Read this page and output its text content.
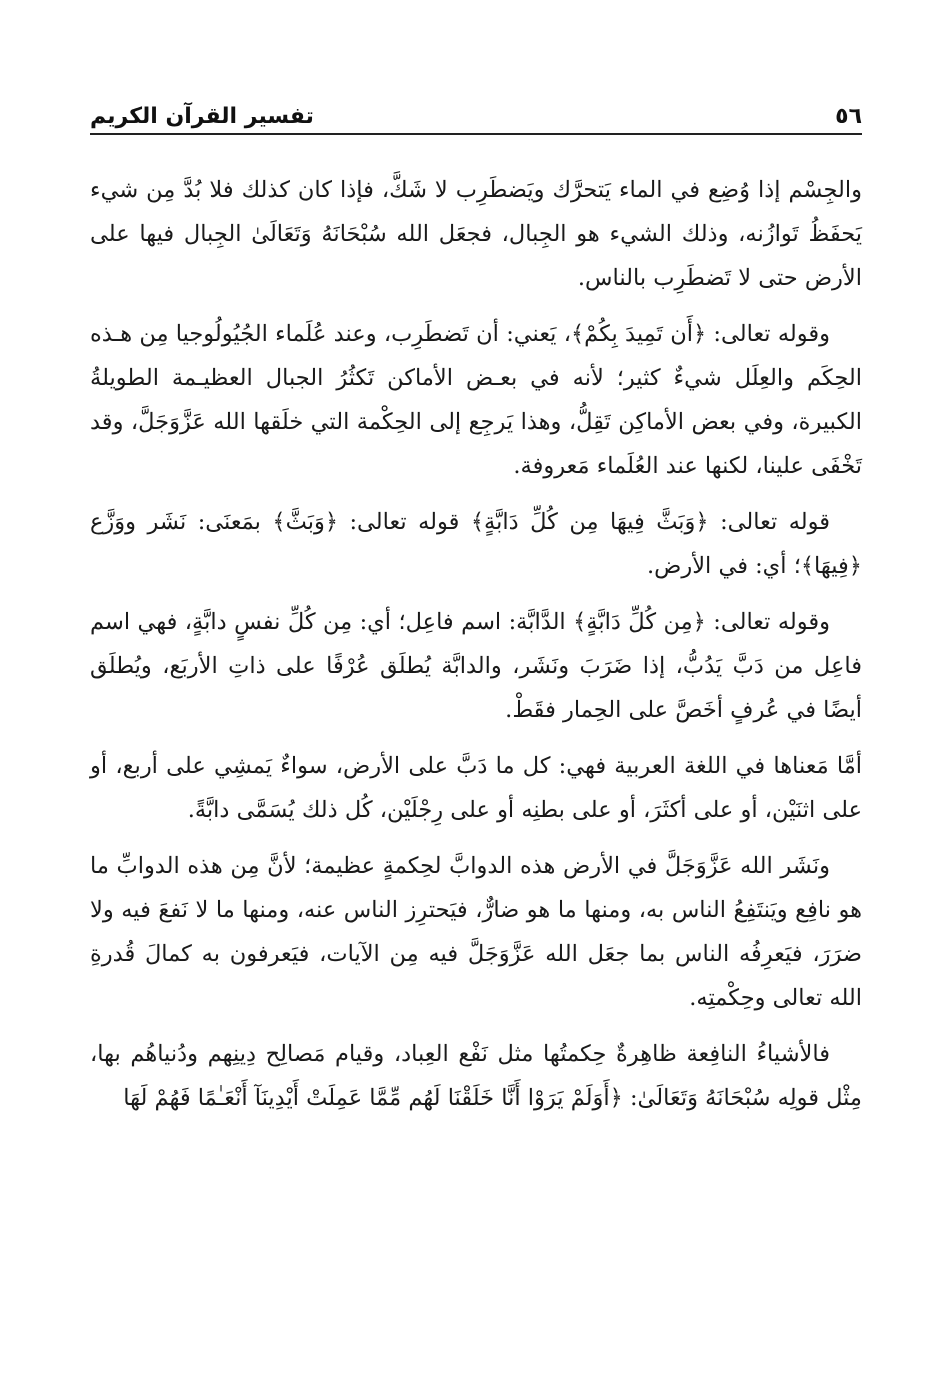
٥٦
تفسير القرآن الكريم

والجِسْم إذا وُضِع في الماء يَتحرَّك ويَضطَرِب لا شَكَّ، فإذا كان كذلك فلا بُدَّ مِن شيء يَحفَظُ تَوازُنه، وذلك الشيء هو الجِبال، فجعَل الله سُبْحَانَهُ وَتَعَالَىٰ الجِبال فيها على الأرض حتى لا تَضطَرِب بالناس.

وقوله تعالى: ﴿أَن تَمِيدَ بِكُمْ﴾، يَعني: أن تَضطَرِب، وعند عُلَماء الجُيُولُوجيا مِن هـذه الحِكَم والعِلَل شيءٌ كثير؛ لأنه في بعـض الأماكن تَكثُرُ الجبال العظيـمة الطويلةُ الكبيرة، وفي بعض الأماكِن تَقِلُّ، وهذا يَرجِع إلى الحِكْمة التي خلَقها الله عَزَّوَجَلَّ، وقد تَخْفَى علينا، لكنها عند العُلَماء مَعروفة.

قوله تعالى: ﴿وَبَثَّ فِيهَا مِن كُلِّ دَابَّةٍ﴾ قوله تعالى: ﴿وَبَثَّ﴾ بمَعنَى: نَشَر ووَزَّع ﴿فِيهَا﴾؛ أي: في الأرض.

وقوله تعالى: ﴿مِن كُلِّ دَابَّةٍ﴾ الدَّابَّة: اسم فاعِل؛ أي: مِن كُلِّ نفسٍ دابَّةٍ، فهي اسم فاعِل من دَبَّ يَدُبُّ، إذا ضَرَبَ ونَشَر، والدابَّة يُطلَق عُرْفًا على ذاتِ الأربَع، ويُطلَق أيضًا في عُرفٍ أخَصَّ على الحِمار فقَطْ.

أمَّا مَعناها في اللغة العربية فهي: كل ما دَبَّ على الأرض، سواءٌ يَمشِي على أربع، أو على اثنَيْن، أو على أكثَرَ، أو على بطنِه أو على رِجْلَيْن، كُل ذلك يُسَمَّى دابَّةً.

ونَشَر الله عَزَّوَجَلَّ في الأرض هذه الدوابَّ لحِكمةٍ عظيمة؛ لأنَّ مِن هذه الدوابِّ ما هو نافِع ويَنتَفِعُ الناس به، ومنها ما هو ضارٌّ، فيَحترِز الناس عنه، ومنها ما لا نَفعَ فيه ولا ضرَرَ، فيَعرِفُه الناس بما جعَل الله عَزَّوَجَلَّ فيه مِن الآيات، فيَعرفون به كمالَ قُدرةِ الله تعالى وحِكْمتِه.

فالأشياءُ النافِعة ظاهِرةٌ حِكمتُها مثل نَفْع العِباد، وقيام مَصالِح دِينِهم ودُنياهُم بها، مِثْل قولِه سُبْحَانَهُ وَتَعَالَىٰ: ﴿أَوَلَمْ يَرَوْا أَنَّا خَلَقْنَا لَهُم مِّمَّا عَمِلَتْ أَيْدِينَآ أَنْعَـٰمًا فَهُمْ لَهَا
